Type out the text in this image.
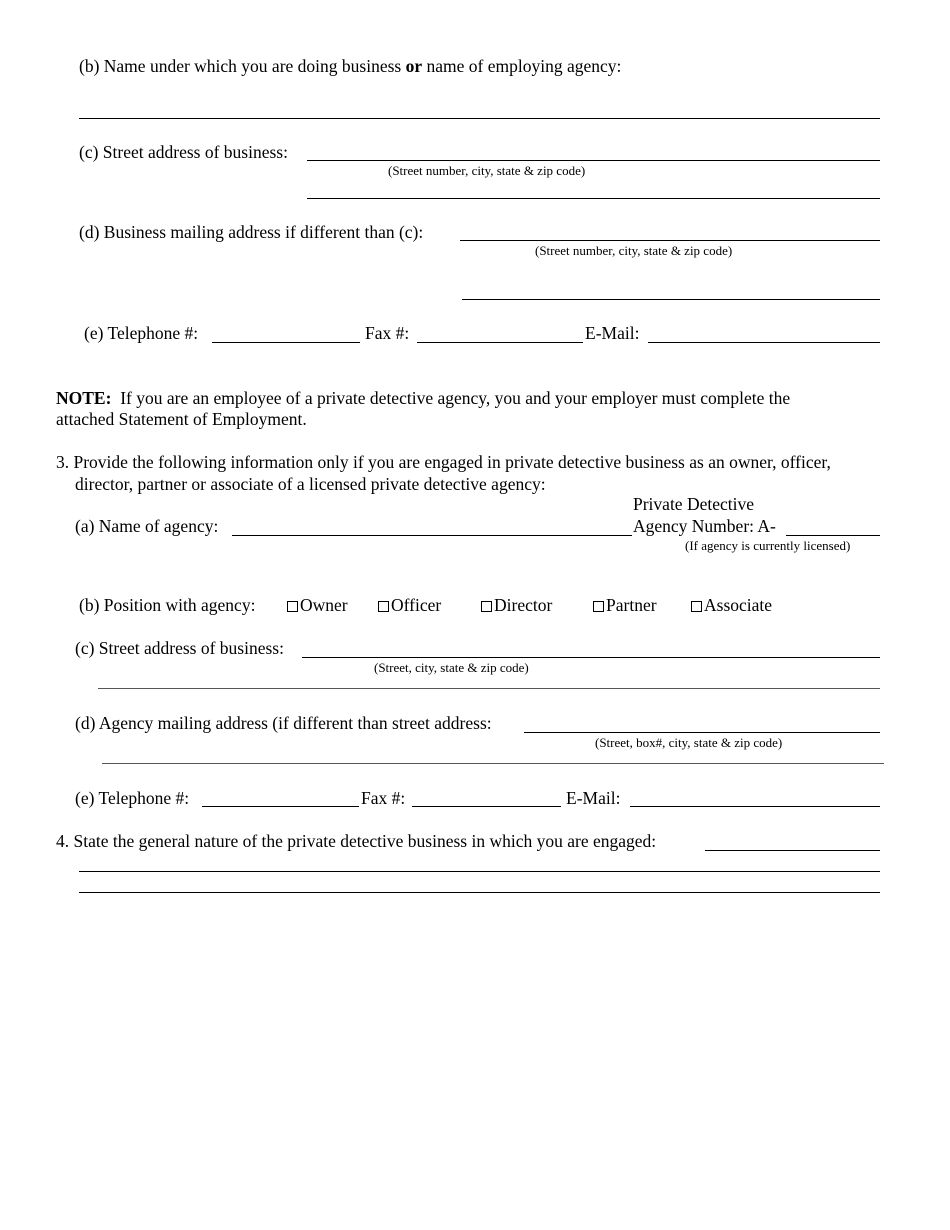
(b) Name under which you are doing business or name of employing agency:
(c) Street address of business:
(Street number, city, state & zip code)
(d) Business mailing address if different than (c):
(Street number, city, state & zip code)
(e) Telephone #:	Fax #:	E-Mail:
NOTE: If you are an employee of a private detective agency, you and your employer must complete the
attached Statement of Employment.
3. Provide the following information only if you are engaged in private detective business as an owner, officer,
director, partner or associate of a licensed private detective agency:
(a) Name of agency:
Private Detective
Agency Number: A-
(If agency is currently licensed)
(b) Position with agency:	Owner	Officer	Director	Partner	Associate
(c) Street address of business:
(Street, city, state & zip code)
(d) Agency mailing address (if different than street address:
(Street, box#, city, state & zip code)
(e) Telephone #:	Fax #:	E-Mail:
4. State the general nature of the private detective business in which you are engaged:
